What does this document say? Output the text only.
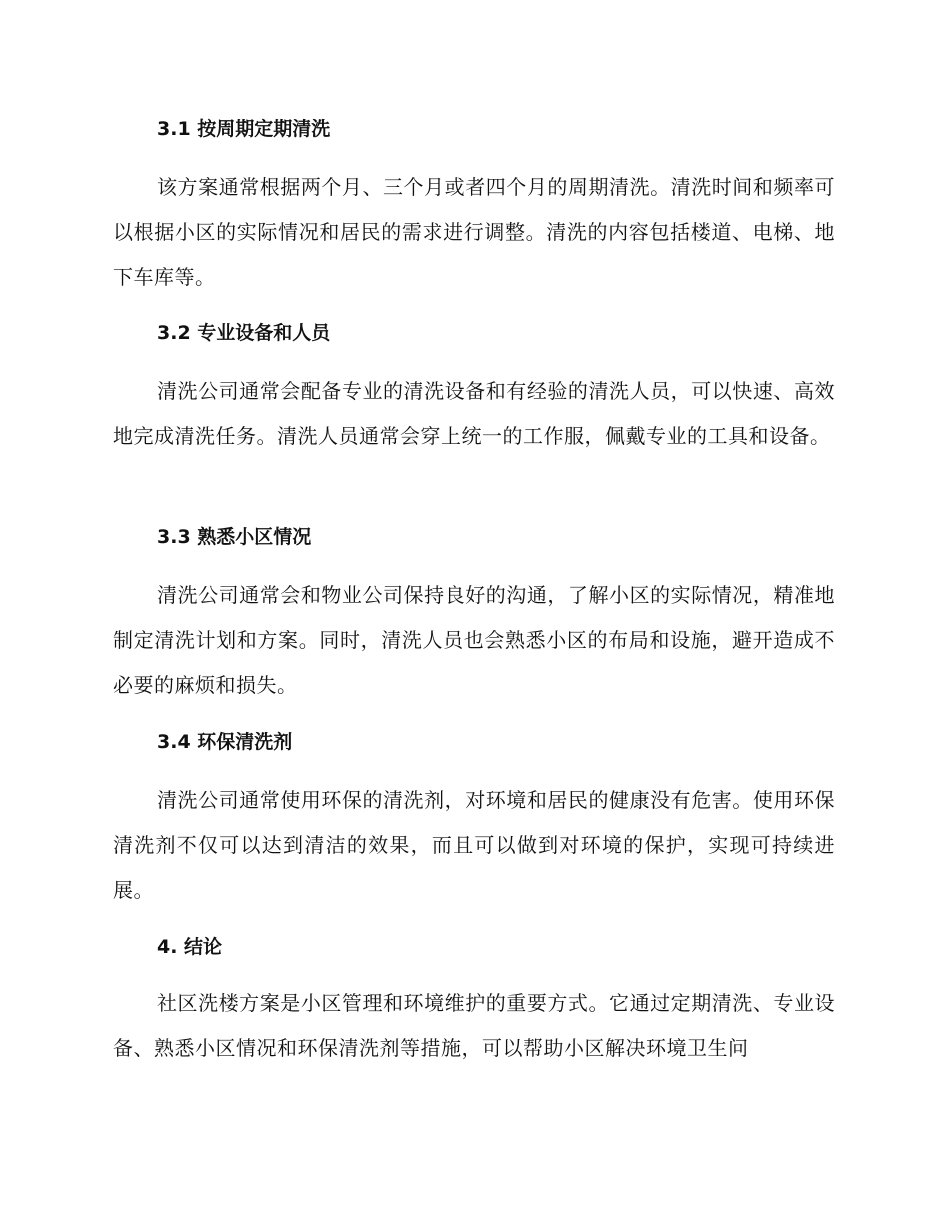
3.1 按周期定期清洗

该方案通常根据两个月、三个月或者四个月的周期清洗。清洗时间和频率可以根据小区的实际情况和居民的需求进行调整。清洗的内容包括楼道、电梯、地下车库等。

3.2 专业设备和人员

清洗公司通常会配备专业的清洗设备和有经验的清洗人员，可以快速、高效地完成清洗任务。清洗人员通常会穿上统一的工作服，佩戴专业的工具和设备。

3.3 熟悉小区情况

清洗公司通常会和物业公司保持良好的沟通，了解小区的实际情况，精准地制定清洗计划和方案。同时，清洗人员也会熟悉小区的布局和设施，避开造成不必要的麻烦和损失。

3.4 环保清洗剂

清洗公司通常使用环保的清洗剂，对环境和居民的健康没有危害。使用环保清洗剂不仅可以达到清洁的效果，而且可以做到对环境的保护，实现可持续进展。

4. 结论

社区洗楼方案是小区管理和环境维护的重要方式。它通过定期清洗、专业设备、熟悉小区情况和环保清洗剂等措施，可以帮助小区解决环境卫生问
